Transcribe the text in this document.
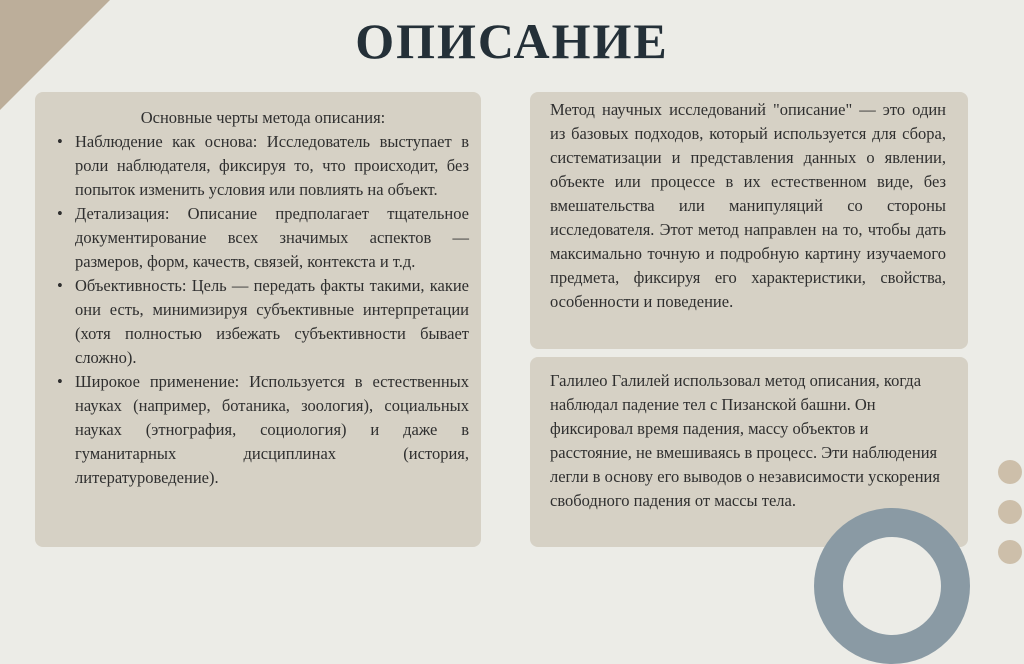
ОПИСАНИЕ

Основные черты метода описания:

• Наблюдение как основа: Исследователь выступает в роли наблюдателя, фиксируя то, что происходит, без попыток изменить условия или повлиять на объект.
• Детализация: Описание предполагает тщательное документирование всех значимых аспектов — размеров, форм, качеств, связей, контекста и т.д.
• Объективность: Цель — передать факты такими, какие они есть, минимизируя субъективные интерпретации (хотя полностью избежать субъективности бывает сложно).
• Широкое применение: Используется в естественных науках (например, ботаника, зоология), социальных науках (этнография, социология) и даже в гуманитарных дисциплинах (история, литературоведение).

Метод научных исследований "описание" — это один из базовых подходов, который используется для сбора, систематизации и представления данных о явлении, объекте или процессе в их естественном виде, без вмешательства или манипуляций со стороны исследователя. Этот метод направлен на то, чтобы дать максимально точную и подробную картину изучаемого предмета, фиксируя его характеристики, свойства, особенности и поведение.

Галилео Галилей использовал метод описания, когда наблюдал падение тел с Пизанской башни. Он фиксировал время падения, массу объектов и расстояние, не вмешиваясь в процесс. Эти наблюдения легли в основу его выводов о независимости ускорения свободного падения от массы тела.
